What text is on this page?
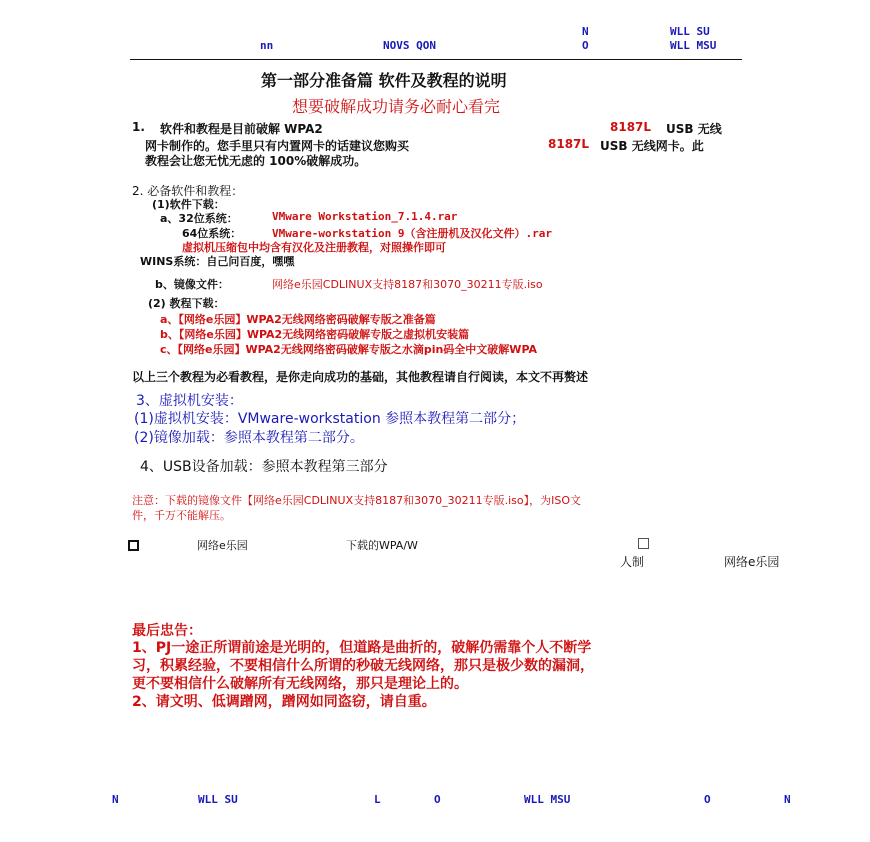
nn	NOVS QON
N
O
WLL SU
WLL MSU
第一部分准备篇 软件及教程的说明
想要破解成功请务必耐心看完
1. 软件和教程是目前破解 WPA2	8187L USB 无线
网卡制作的。您手里只有内置网卡的话建议您购买	8187L USB 无线网卡。此
教程会让您无忧无虑的 100%破解成功。
2. 必备软件和教程：
(1)软件下载：
a、32位系统：	VMware Workstation_7.1.4.rar
64位系统：	VMware-workstation 9（含注册机及汉化文件）.rar
虚拟机压缩包中均含有汉化及注册教程，对照操作即可
WINS系统：自己问百度，嘿嘿
b、镜像文件：	网络e乐园CDLINUX支持8187和3070_30211专版.iso
(2) 教程下载：
a、【网络e乐园】WPA2无线网络密码破解专版之准备篇
b、【网络e乐园】WPA2无线网络密码破解专版之虚拟机安装篇
c、【网络e乐园】WPA2无线网络密码破解专版之水滴pin码全中文破解WPA
以上三个教程为必看教程，是你走向成功的基础，其他教程请自行阅读，本文不再赘述
3、虚拟机安装：
(1)虚拟机安装：VMware-workstation 参照本教程第二部分；
(2)镜像加载：参照本教程第二部分。
4、USB设备加载：参照本教程第三部分
注意：下载的镜像文件【网络e乐园CDLINUX支持8187和3070_30211专版.iso】，为ISO文
件，千万不能解压。
网络e乐园	下载的WPA/W
人制	网络e乐园
最后忠告：
1、PJ一途正所谓前途是光明的，但道路是曲折的，破解仍需靠个人不断学
习，积累经验，不要相信什么所谓的秒破无线网络，那只是极少数的漏洞，
更不要相信什么破解所有无线网络，那只是理论上的。
2、请文明、低调蹭网，蹭网如同盗窃，请自重。
N	WLL SU	L	O	WLL MSU	O	N
